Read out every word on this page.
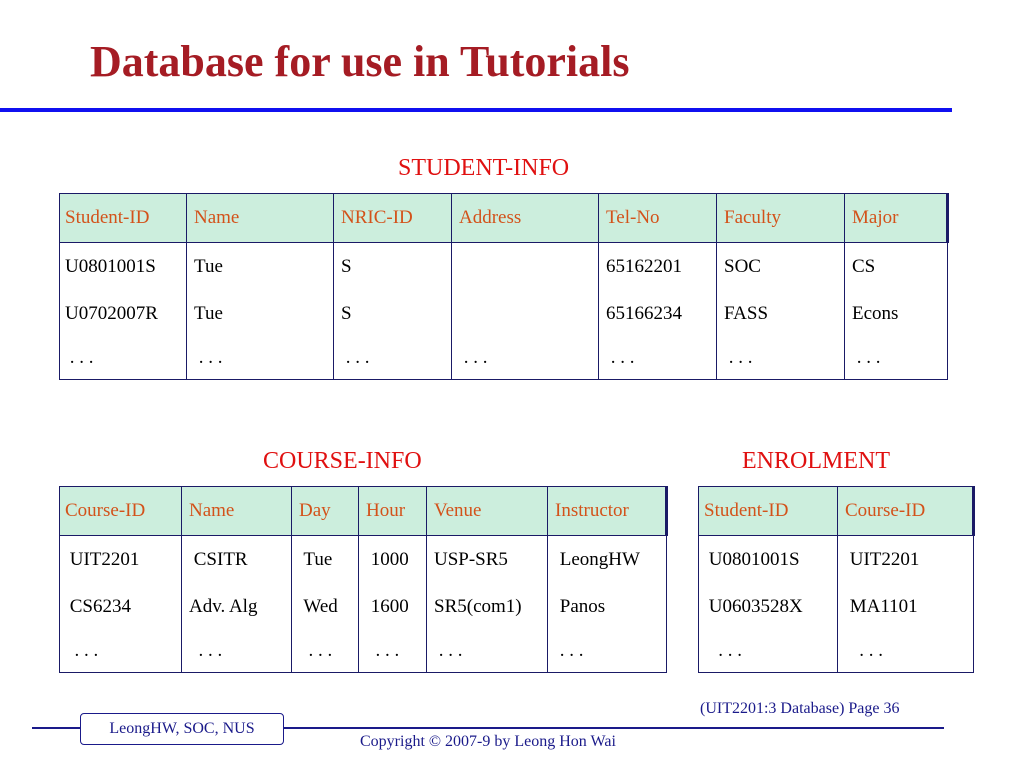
Database for use in Tutorials
STUDENT-INFO
Student-ID	Name	NRIC-ID	Address	Tel-No	Faculty	Major
U0801001S	Tue	S		65162201	SOC	CS
U0702007R	Tue	S		65166234	FASS	Econs
. . .	. . .	. . .	. . .	. . .	. . .	. . .
COURSE-INFO
Course-ID	Name	Day	Hour	Venue	Instructor
UIT2201	CSITR	Tue	1000	USP-SR5	LeongHW
CS6234	Adv. Alg	Wed	1600	SR5(com1)	Panos
. . .	. . .	. . .	. . .	. . .	. . .
ENROLMENT
Student-ID	Course-ID
U0801001S	UIT2201
U0603528X	MA1101
. . .	. . .
(UIT2201:3 Database) Page 36
LeongHW, SOC, NUS
Copyright © 2007-9 by Leong Hon Wai
